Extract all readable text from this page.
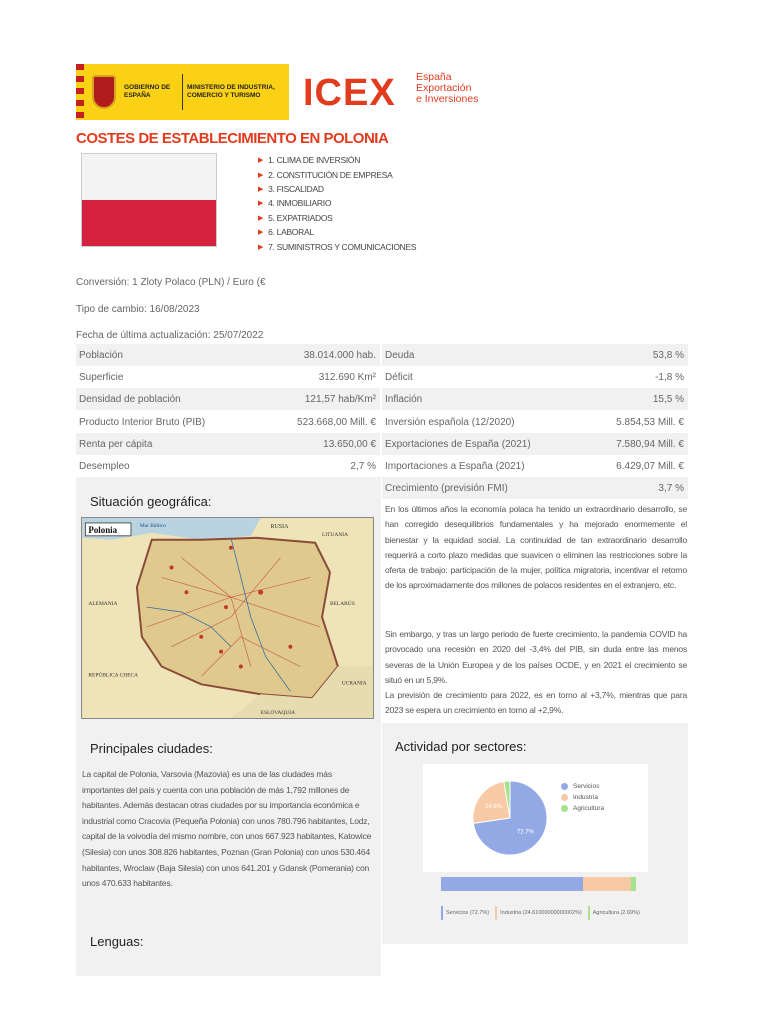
GOBIERNO DE ESPAÑA
MINISTERIO DE INDUSTRIA, COMERCIO Y TURISMO	ICEX España
Exportación
e Inversiones
COSTES DE ESTABLECIMIENTO EN POLONIA
▶ 1. CLIMA DE INVERSIÓN
▶ 2. CONSTITUCIÓN DE EMPRESA
▶ 3. FISCALIDAD
▶ 4. INMOBILIARIO
▶ 5. EXPATRIADOS
▶ 6. LABORAL
▶ 7. SUMINISTROS Y COMUNICACIONES
Conversión: 1 Zloty Polaco (PLN) / Euro (€
Tipo de cambio: 16/08/2023
Fecha de última actualización: 25/07/2022
Población	38.014.000 hab.
Superficie	312.690 Km²
Densidad de población	121,57 hab/Km²
Producto Interior Bruto (PIB)	523.668,00 Mill. €
Renta per cápita	13.650,00 €
Desempleo	2,7 %
Deuda	53,8 %
Déficit	-1,8 %
Inflación	15,5 %
Inversión española (12/2020)	5.854,53 Mill. €
Exportaciones de España (2021)	7.580,94 Mill. €
Importaciones a España (2021)	6.429,07 Mill. €
Crecimiento (previsión FMI)	3,7 %
Situación geográfica:
Polonia	Mar Báltico	RUSIA
LITUANIA
ALEMANIA	BELARÚS
REPÚBLICA CHECA
UCRANIA
ESLOVAQUIA
En los últimos años la economía polaca ha tenido un extraordinario desarrollo, se han corregido desequilibrios fundamentales y ha mejorado enormemente el bienestar y la equidad social. La continuidad de tan extraordinario desarrollo requerirá a corto plazo medidas que suavicen o eliminen las restricciones sobre la oferta de trabajo: participación de la mujer, política migratoria, incentivar el retorno de los aproximadamente dos millones de polacos residentes en el extranjero, etc.
Sin embargo, y tras un largo periodo de fuerte crecimiento, la pandemia COVID ha provocado una recesión en 2020 del -3,4% del PIB, sin duda entre las menos severas de la Unión Europea y de los países OCDE, y en 2021 el crecimiento se situó en un 5,9%.
La previsión de crecimiento para 2022, es en torno al +3,7%, mientras que para 2023 se espera un crecimiento en torno al +2,9%.
Principales ciudades:
La capital de Polonia, Varsovia (Mazovia) es una de las ciudades más importantes del país y cuenta con una población de más 1,792 millones de habitantes. Además destacan otras ciudades por su importancia económica e industrial como Cracovia (Pequeña Polonia) con unos 780.796 habitantes, Lodz, capital de la voivodía del mismo nombre, con unos 667.923 habitantes, Katowice (Silesia) con unos 308.826 habitantes, Poznan (Gran Polonia) con unos 530.464 habitantes, Wroclaw (Baja Silesia) con unos 641.201 y Gdansk (Pomerania) con unos 470.633 habitantes.
Lenguas:
Actividad por sectores:
72.7%
24.6%
Servicios
Industria
Agricultura
Servicios (72.7%) Industria (24.61000000000002%) Agricultura (2.69%)
